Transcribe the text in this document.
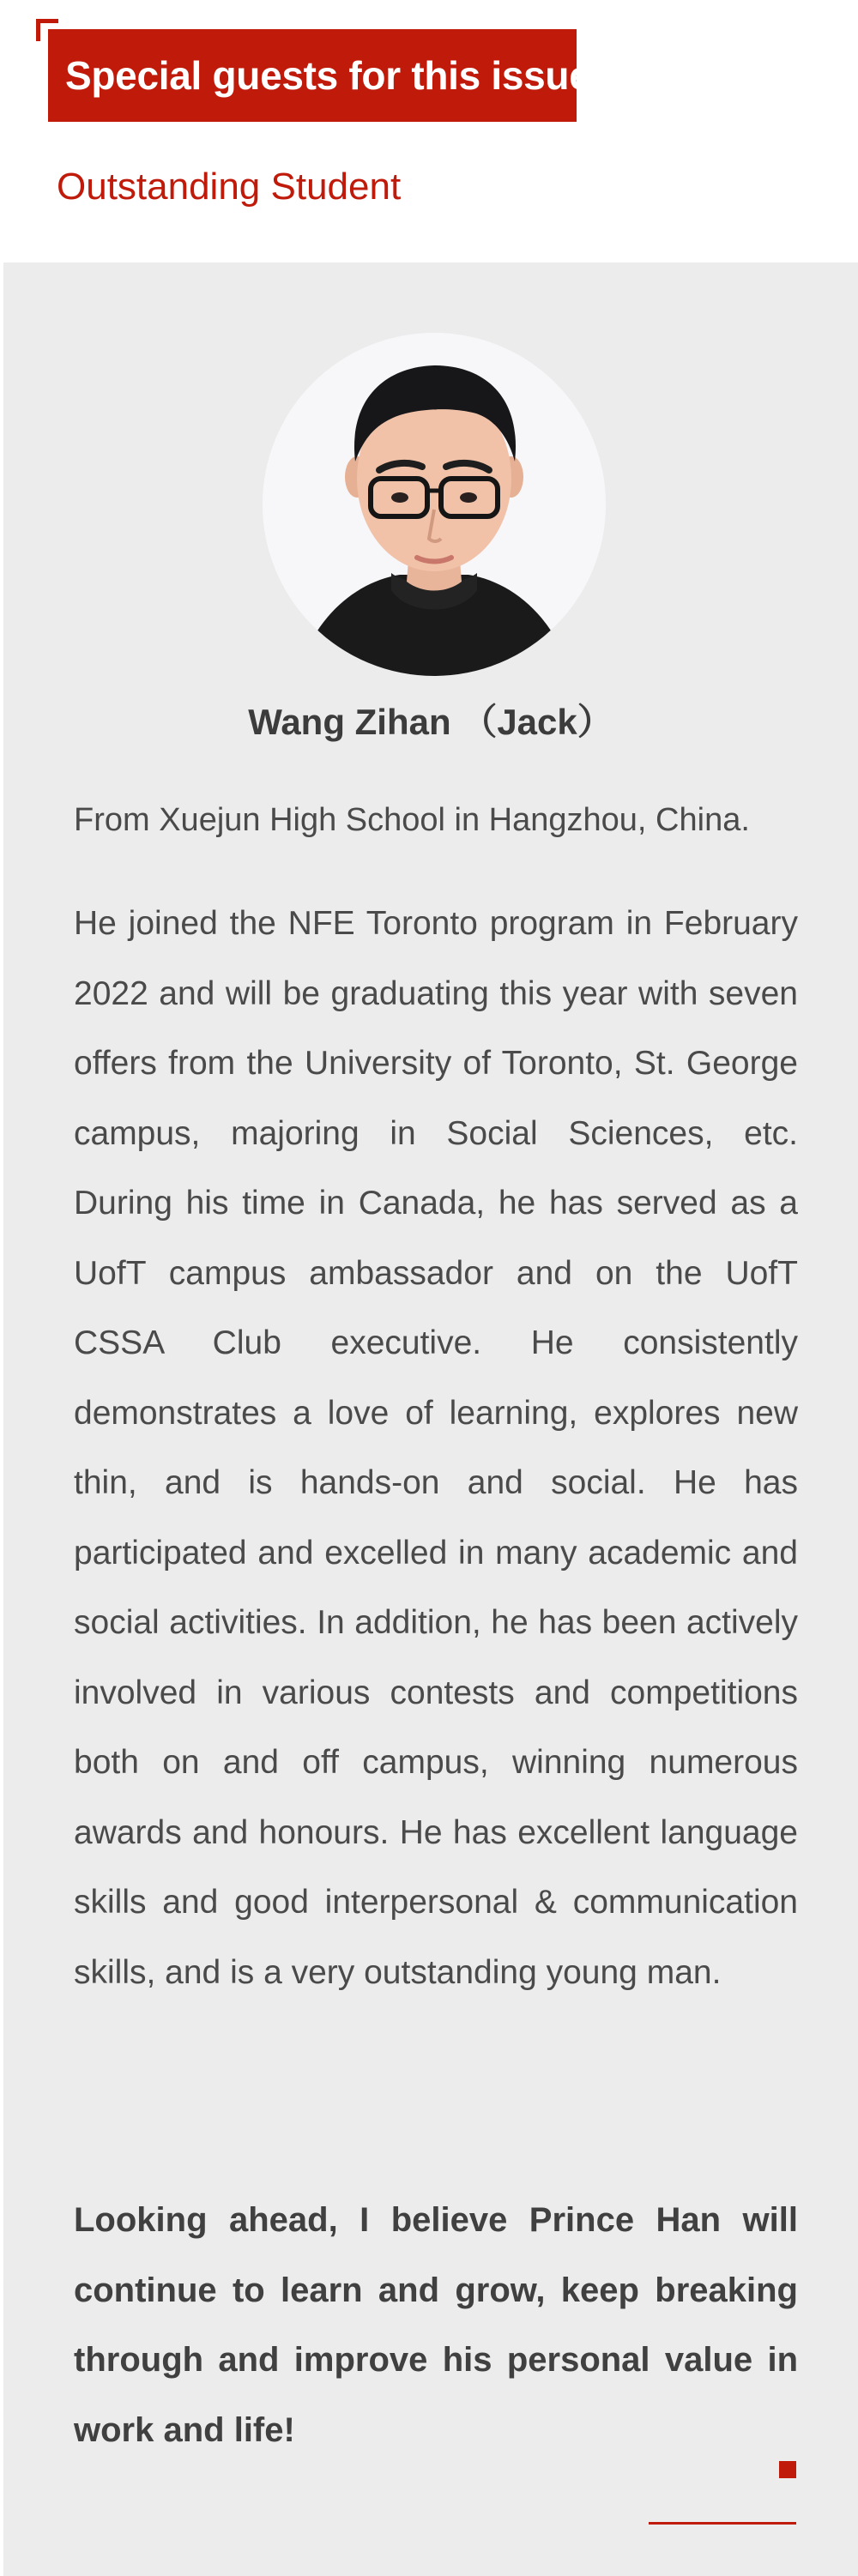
Special guests for this issue
Outstanding Student
Wang Zihan （Jack）
From Xuejun High School in Hangzhou, China.

He joined the NFE Toronto program in February 2022 and will be graduating this year with seven offers from the University of Toronto, St. George campus, majoring in Social Sciences, etc. During his time in Canada, he has served as a UofT campus ambassador and on the UofT CSSA Club executive. He consistently demonstrates a love of learning, explores new thin, and is hands-on and social. He has participated and excelled in many academic and social activities. In addition, he has been actively involved in various contests and competitions both on and off campus, winning numerous awards and honours. He has excellent language skills and good interpersonal & communication skills, and is a very outstanding young man.

Looking ahead, I believe Prince Han will continue to learn and grow, keep breaking through and improve his personal value in work and life!
